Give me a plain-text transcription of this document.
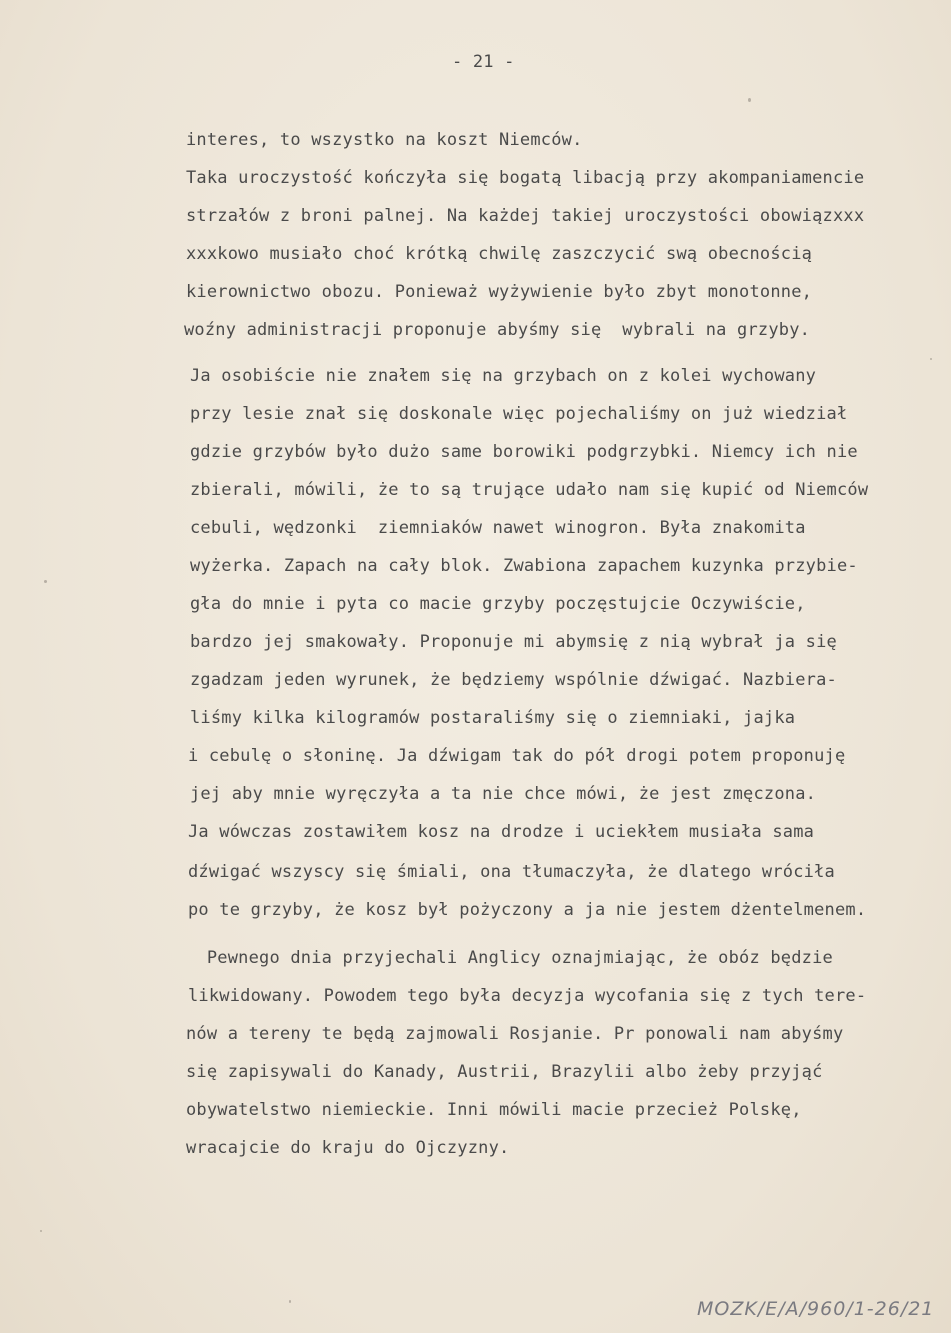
- 21 -
interes, to wszystko na koszt Niemców.
Taka uroczystość kończyła się bogatą libacją przy akompaniamencie
strzałów z broni palnej. Na każdej takiej uroczystości obowiązxxx
xxxkowo musiało choć krótką chwilę zaszczycić swą obecnością
kierownictwo obozu. Ponieważ wyżywienie było zbyt monotonne,
woźny administracji proponuje abyśmy się  wybrali na grzyby.
Ja osobiście nie znałem się na grzybach on z kolei wychowany
przy lesie znał się doskonale więc pojechaliśmy on już wiedział
gdzie grzybów było dużo same borowiki podgrzybki. Niemcy ich nie
zbierali, mówili, że to są trujące udało nam się kupić od Niemców
cebuli, wędzonki  ziemniaków nawet winogron. Była znakomita
wyżerka. Zapach na cały blok. Zwabiona zapachem kuzynka przybie-
gła do mnie i pyta co macie grzyby poczęstujcie Oczywiście,
bardzo jej smakowały. Proponuje mi abymsię z nią wybrał ja się
zgadzam jeden wyrunek, że będziemy wspólnie dźwigać. Nazbiera-
liśmy kilka kilogramów postaraliśmy się o ziemniaki, jajka
i cebulę o słoninę. Ja dźwigam tak do pół drogi potem proponuję
jej aby mnie wyręczyła a ta nie chce mówi, że jest zmęczona.
Ja wówczas zostawiłem kosz na drodze i uciekłem musiała sama
dźwigać wszyscy się śmiali, ona tłumaczyła, że dlatego wróciła
po te grzyby, że kosz był pożyczony a ja nie jestem dżentelmenem.
Pewnego dnia przyjechali Anglicy oznajmiając, że obóz będzie
likwidowany. Powodem tego była decyzja wycofania się z tych tere-
nów a tereny te będą zajmowali Rosjanie. Pr ponowali nam abyśmy
się zapisywali do Kanady, Austrii, Brazylii albo żeby przyjąć
obywatelstwo niemieckie. Inni mówili macie przecież Polskę,
wracajcie do kraju do Ojczyzny.
MOZK/E/A/960/1-26/21
